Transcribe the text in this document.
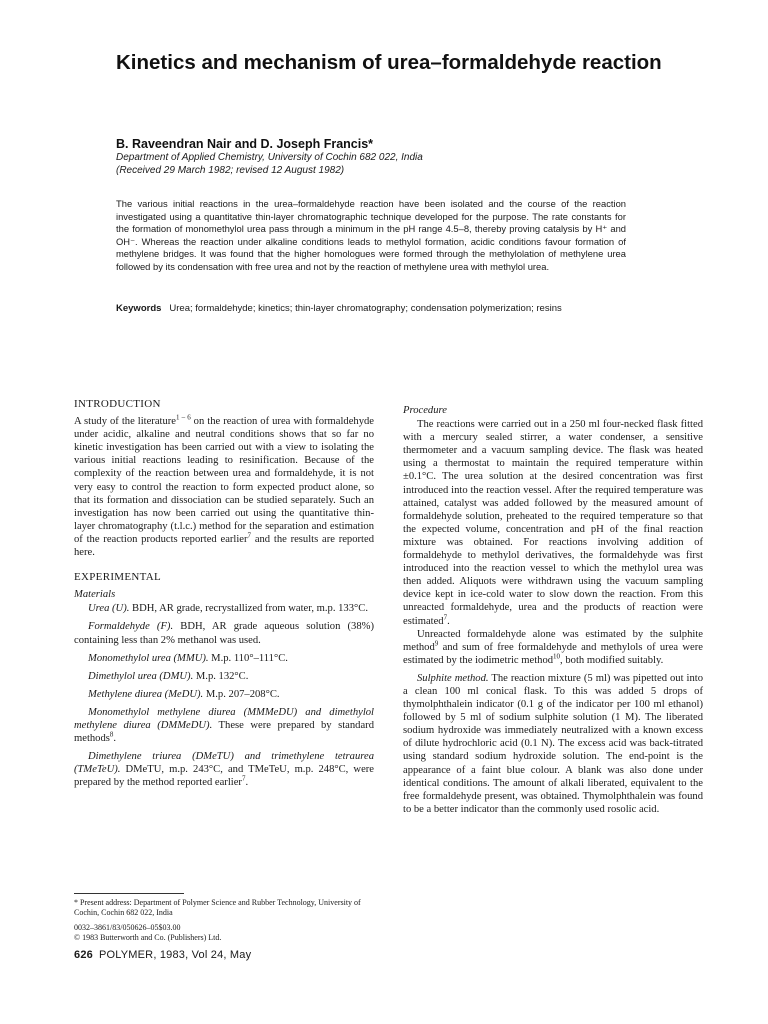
Kinetics and mechanism of urea–formaldehyde reaction
B. Raveendran Nair and D. Joseph Francis*
Department of Applied Chemistry, University of Cochin 682 022, India
(Received 29 March 1982; revised 12 August 1982)
The various initial reactions in the urea–formaldehyde reaction have been isolated and the course of the reaction investigated using a quantitative thin-layer chromatographic technique developed for the purpose. The rate constants for the formation of monomethylol urea pass through a minimum in the pH range 4.5–8, thereby proving catalysis by H⁺ and OH⁻. Whereas the reaction under alkaline conditions leads to methylol formation, acidic conditions favour formation of methylene bridges. It was found that the higher homologues were formed through the methylolation of methylene urea followed by its condensation with free urea and not by the reaction of methylene urea with methylol urea.
Keywords Urea; formaldehyde; kinetics; thin-layer chromatography; condensation polymerization; resins
INTRODUCTION

A study of the literature$^{1 - 6}$ on the reaction of urea with formaldehyde under acidic, alkaline and neutral conditions shows that so far no kinetic investigation has been carried out with a view to isolating the various initial reactions leading to resinification. Because of the complexity of the reaction between urea and formaldehyde, it is not very easy to control the reaction to form expected product alone, so that its formation and dissociation can be studied separately. Such an investigation has now been carried out using the quantitative thin-layer chromatography (t.l.c.) method for the separation and estimation of the reaction products reported earlier$^7$ and the results are reported here.

EXPERIMENTAL
Materials

Urea (U). BDH, AR grade, recrystallized from water, m.p. 133°C.

Formaldehyde (F). BDH, AR grade aqueous solution (38%) containing less than 2% methanol was used.

Monomethylol urea (MMU). M.p. 110°–111°C.

Dimethylol urea (DMU). M.p. 132°C.

Methylene diurea (MeDU). M.p. 207–208°C.

Monomethylol methylene diurea (MMMeDU) and dimethylol methylene diurea (DMMeDU). These were prepared by standard methods$^8$.

Dimethylene triurea (DMeTU) and trimethylene tetraurea (TMeTeU). DMeTU, m.p. 243°C, and TMeTeU, m.p. 248°C, were prepared by the method reported earlier$^7$.

Procedure

The reactions were carried out in a 250 ml four-necked flask fitted with a mercury sealed stirrer, a water condenser, a sensitive thermometer and a vacuum sampling device. The flask was heated using a thermostat to maintain the required temperature within ±0.1°C. The urea solution at the desired concentration was first introduced into the reaction vessel. After the required temperature was attained, catalyst was added followed by the measured amount of formaldehyde solution, preheated to the required temperature so that the expected volume, concentration and pH of the final reaction mixture was obtained. For reactions involving addition of formaldehyde to methylol derivatives, the formaldehyde was first introduced into the reaction vessel to which the methylol urea was then added. Aliquots were withdrawn using the vacuum sampling device kept in ice-cold water to slow down the reaction. From this unreacted formaldehyde, urea and the products of reaction were estimated$^7$.

Unreacted formaldehyde alone was estimated by the sulphite method$^9$ and sum of free formaldehyde and methylols of urea were estimated by the iodimetric method$^{10}$, both modified suitably.

Sulphite method. The reaction mixture (5 ml) was pipetted out into a clean 100 ml conical flask. To this was added 5 drops of thymolphthalein indicator (0.1 g of the indicator per 100 ml ethanol) followed by 5 ml of sodium sulphite solution (1 M). The liberated sodium hydroxide was immediately neutralized with a known excess of dilute hydrochloric acid (0.1 N). The excess acid was back-titrated using standard sodium hydroxide solution. The end-point is the appearance of a faint blue colour. A blank was also done under identical conditions. The amount of alkali liberated, equivalent to the free formaldehyde present, was obtained. Thymolphthalein was found to be a better indicator than the commonly used rosolic acid.

* Present address: Department of Polymer Science and Rubber Technology, University of Cochin, Cochin 682 022, India
0032–3861/83/050626–05$03.00
© 1983 Butterworth and Co. (Publishers) Ltd.
626 POLYMER, 1983, Vol 24, May
